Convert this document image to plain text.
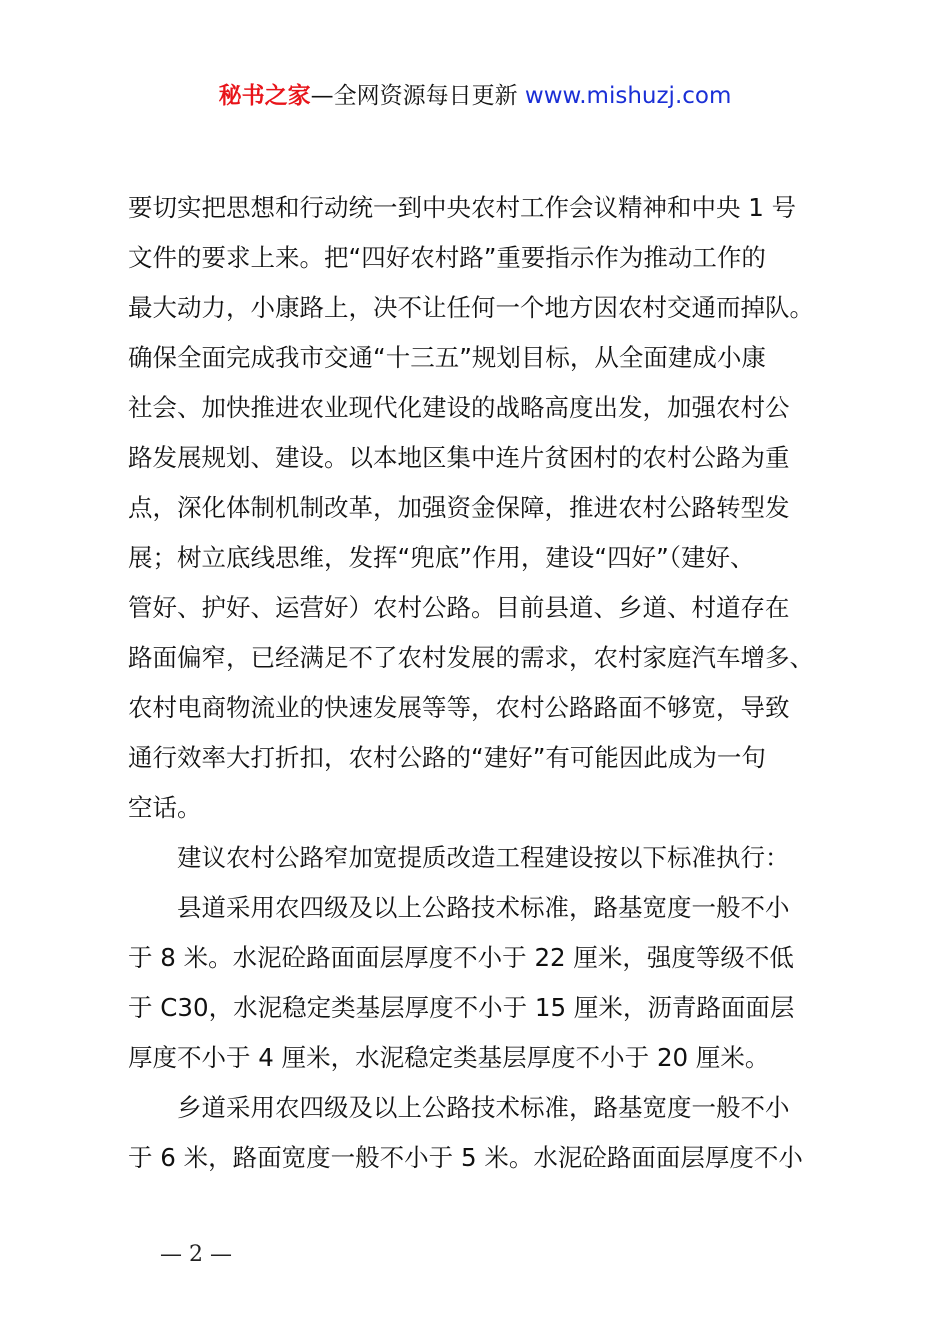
秘书之家—全网资源每日更新 www.mishuzj.com

要切实把思想和行动统一到中央农村工作会议精神和中央 1 号
文件的要求上来。把“四好农村路”重要指示作为推动工作的
最大动力，小康路上，决不让任何一个地方因农村交通而掉队。
确保全面完成我市交通“十三五”规划目标，从全面建成小康
社会、加快推进农业现代化建设的战略高度出发，加强农村公
路发展规划、建设。以本地区集中连片贫困村的农村公路为重
点，深化体制机制改革，加强资金保障，推进农村公路转型发
展；树立底线思维，发挥“兜底”作用，建设“四好”（建好、
管好、护好、运营好）农村公路。目前县道、乡道、村道存在
路面偏窄，已经满足不了农村发展的需求，农村家庭汽车增多、
农村电商物流业的快速发展等等，农村公路路面不够宽，导致
通行效率大打折扣，农村公路的“建好”有可能因此成为一句
空话。

建议农村公路窄加宽提质改造工程建设按以下标准执行：

县道采用农四级及以上公路技术标准，路基宽度一般不小
于 8 米。水泥砼路面面层厚度不小于 22 厘米，强度等级不低
于 C30，水泥稳定类基层厚度不小于 15 厘米，沥青路面面层
厚度不小于 4 厘米，水泥稳定类基层厚度不小于 20 厘米。

乡道采用农四级及以上公路技术标准，路基宽度一般不小
于 6 米，路面宽度一般不小于 5 米。水泥砼路面面层厚度不小

— 2 —
